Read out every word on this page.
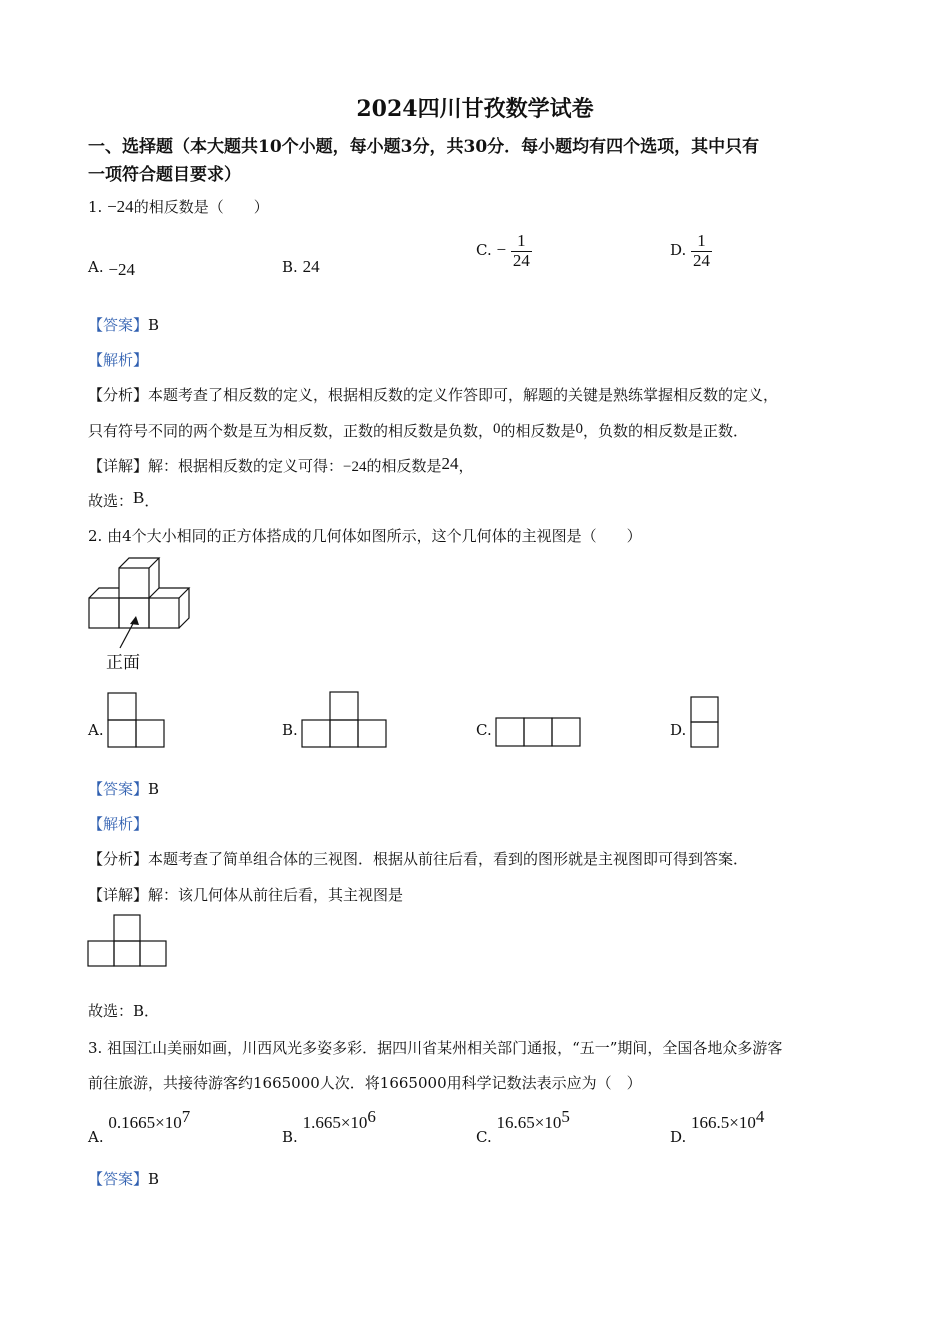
2024四川甘孜数学试卷
一、选择题（本大题共10个小题，每小题3分，共30分．每小题均有四个选项，其中只有
一项符合题目要求）
1. −24的相反数是（　　）
A. −24	B. 24
C. − $\frac{1}{24}$	D. $\frac{1}{24}$
【答案】B
【解析】
【分析】本题考查了相反数的定义，根据相反数的定义作答即可，解题的关键是熟练掌握相反数的定义，
只有符号不同的两个数是互为相反数，正数的相反数是负数，0的相反数是0，负数的相反数是正数．
【详解】解：根据相反数的定义可得：−24的相反数是24，
故选：B．
2. 由4个大小相同的正方体搭成的几何体如图所示，这个几何体的主视图是（　　）
正面
A.	B.	C.	D.
【答案】B
【解析】
【分析】本题考查了简单组合体的三视图．根据从前往后看，看到的图形就是主视图即可得到答案．
【详解】解：该几何体从前往后看，其主视图是
故选：B．
3. 祖国江山美丽如画，川西风光多姿多彩．据四川省某州相关部门通报，“五一”期间，全国各地众多游客
前往旅游，共接待游客约1665000人次．将1665000用科学记数法表示应为（　）
A. $0.1665\times 10^7$
B. $1.665\times 10^6$
C. $16.65\times 10^5$
D. $166.5\times 10^4$
【答案】B
